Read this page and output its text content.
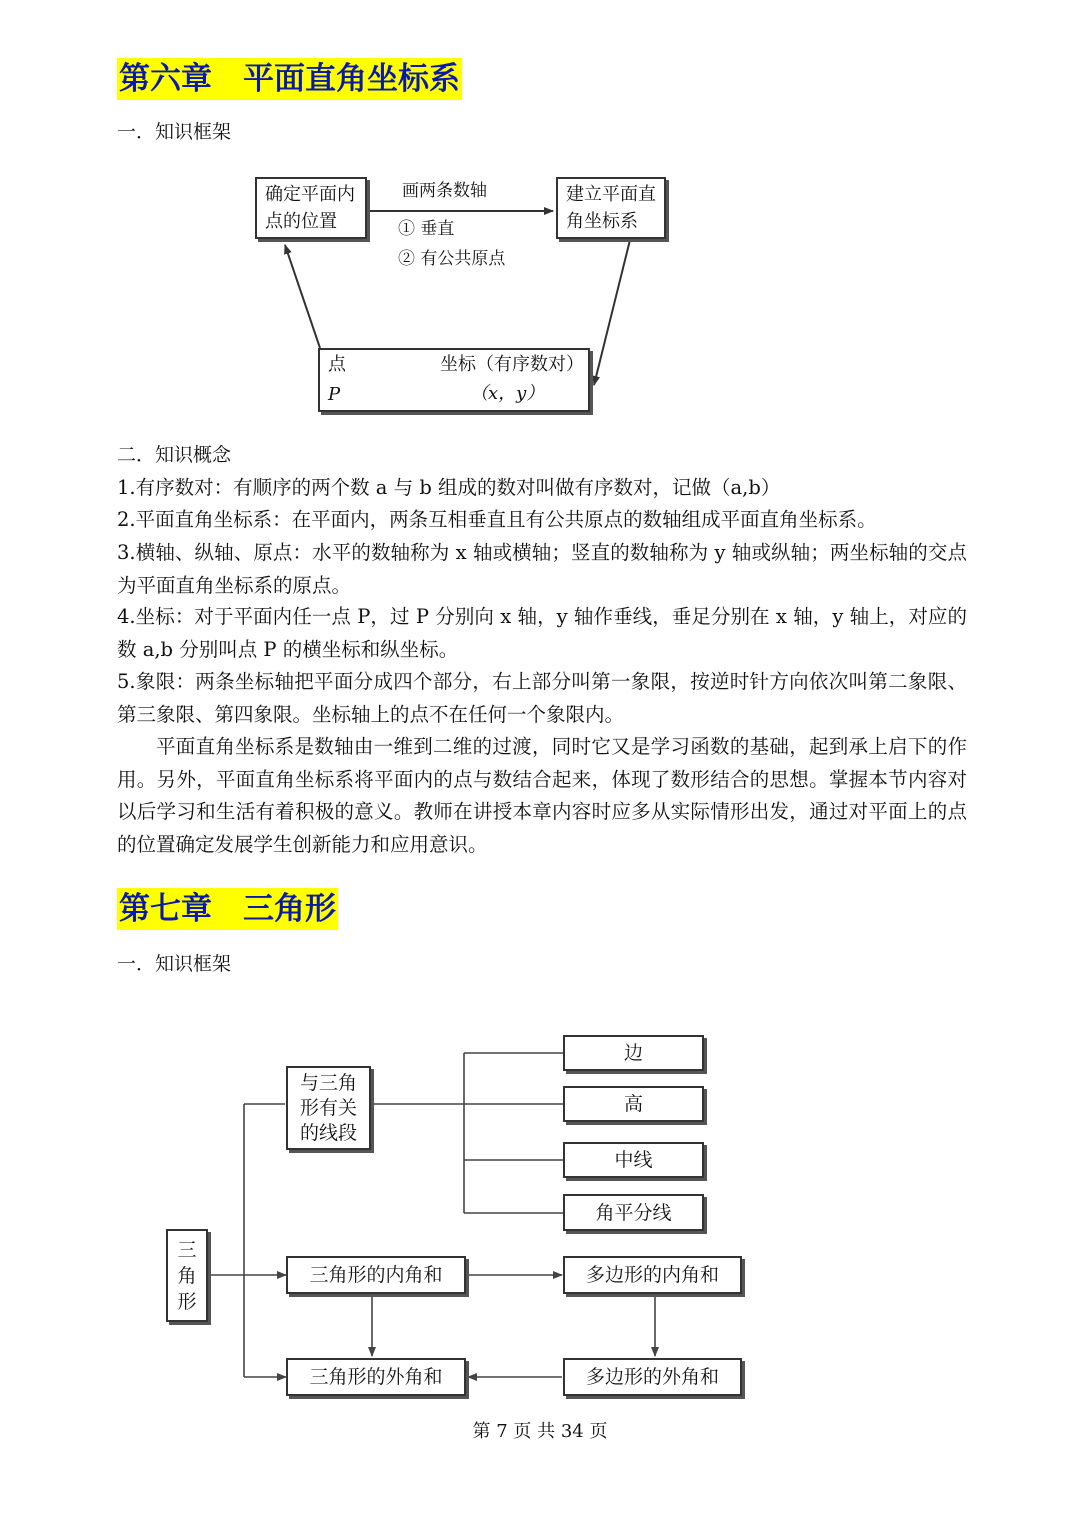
第六章　平面直角坐标系
一．知识框架
确定平面内
点的位置
建立平面直
角坐标系
画两条数轴
① 垂直
② 有公共原点
点
P
坐标（有序数对）
（x，y）
二．知识概念

1.有序数对：有顺序的两个数 a 与 b 组成的数对叫做有序数对，记做（a,b）

2.平面直角坐标系：在平面内，两条互相垂直且有公共原点的数轴组成平面直角坐标系。

3.横轴、纵轴、原点：水平的数轴称为 x 轴或横轴；竖直的数轴称为 y 轴或纵轴；两坐标轴的交点为平面直角坐标系的原点。

4.坐标：对于平面内任一点 P，过 P 分别向 x 轴，y 轴作垂线，垂足分别在 x 轴，y 轴上，对应的数 a,b 分别叫点 P 的横坐标和纵坐标。

5.象限：两条坐标轴把平面分成四个部分，右上部分叫第一象限，按逆时针方向依次叫第二象限、第三象限、第四象限。坐标轴上的点不在任何一个象限内。

平面直角坐标系是数轴由一维到二维的过渡，同时它又是学习函数的基础，起到承上启下的作用。另外，平面直角坐标系将平面内的点与数结合起来，体现了数形结合的思想。掌握本节内容对以后学习和生活有着积极的意义。教师在讲授本章内容时应多从实际情形出发，通过对平面上的点的位置确定发展学生创新能力和应用意识。

第七章　三角形
一．知识框架
三
角
形
与三角
形有关
的线段
边
高
中线
角平分线
三角形的内角和	多边形的内角和
三角形的外角和	多边形的外角和
第 7 页 共 34 页
